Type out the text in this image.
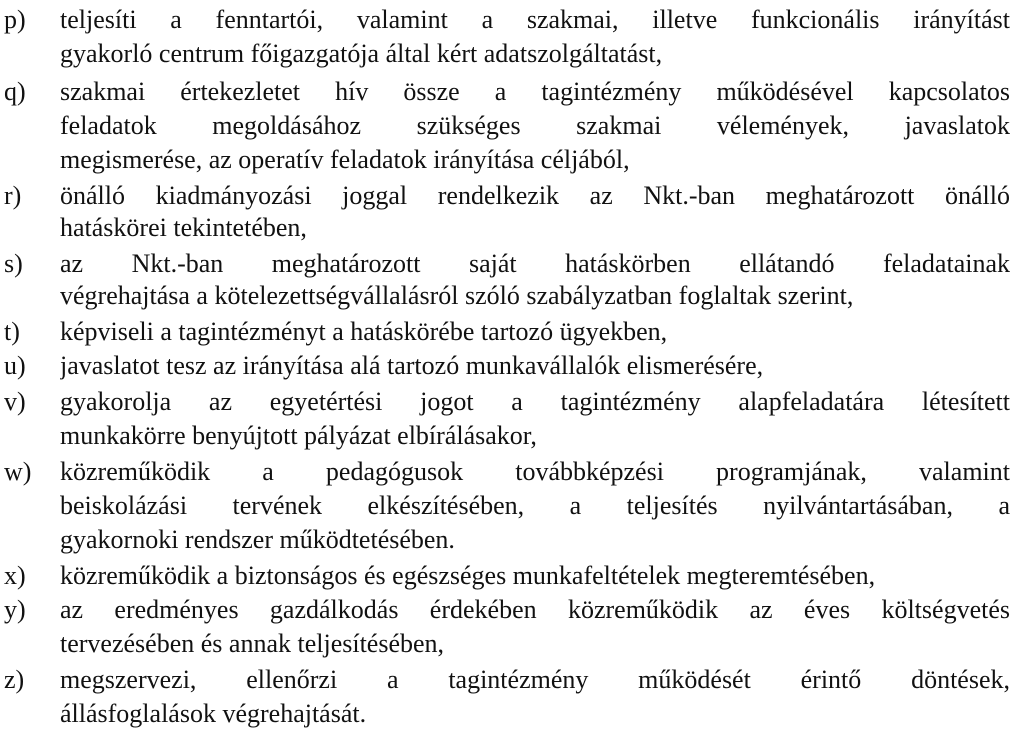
p) teljesíti a fenntartói, valamint a szakmai, illetve funkcionális irányítást
gyakorló centrum főigazgatója által kért adatszolgáltatást,
q) szakmai értekezletet hív össze a tagintézmény működésével kapcsolatos
feladatok megoldásához szükséges szakmai vélemények, javaslatok
megismerése, az operatív feladatok irányítása céljából,
r) önálló kiadmányozási joggal rendelkezik az Nkt.-ban meghatározott önálló
hatáskörei tekintetében,
s) az Nkt.-ban meghatározott saját hatáskörben ellátandó feladatainak
végrehajtása a kötelezettségvállalásról szóló szabályzatban foglaltak szerint,
t) képviseli a tagintézményt a hatáskörébe tartozó ügyekben,
u) javaslatot tesz az irányítása alá tartozó munkavállalók elismerésére,
v) gyakorolja az egyetértési jogot a tagintézmény alapfeladatára létesített
munkakörre benyújtott pályázat elbírálásakor,
w) közreműködik a pedagógusok továbbképzési programjának, valamint
beiskolázási tervének elkészítésében, a teljesítés nyilvántartásában, a
gyakornoki rendszer működtetésében.
x) közreműködik a biztonságos és egészséges munkafeltételek megteremtésében,
y) az eredményes gazdálkodás érdekében közreműködik az éves költségvetés
tervezésében és annak teljesítésében,
z) megszervezi, ellenőrzi a tagintézmény működését érintő döntések,
állásfoglalások végrehajtását.
